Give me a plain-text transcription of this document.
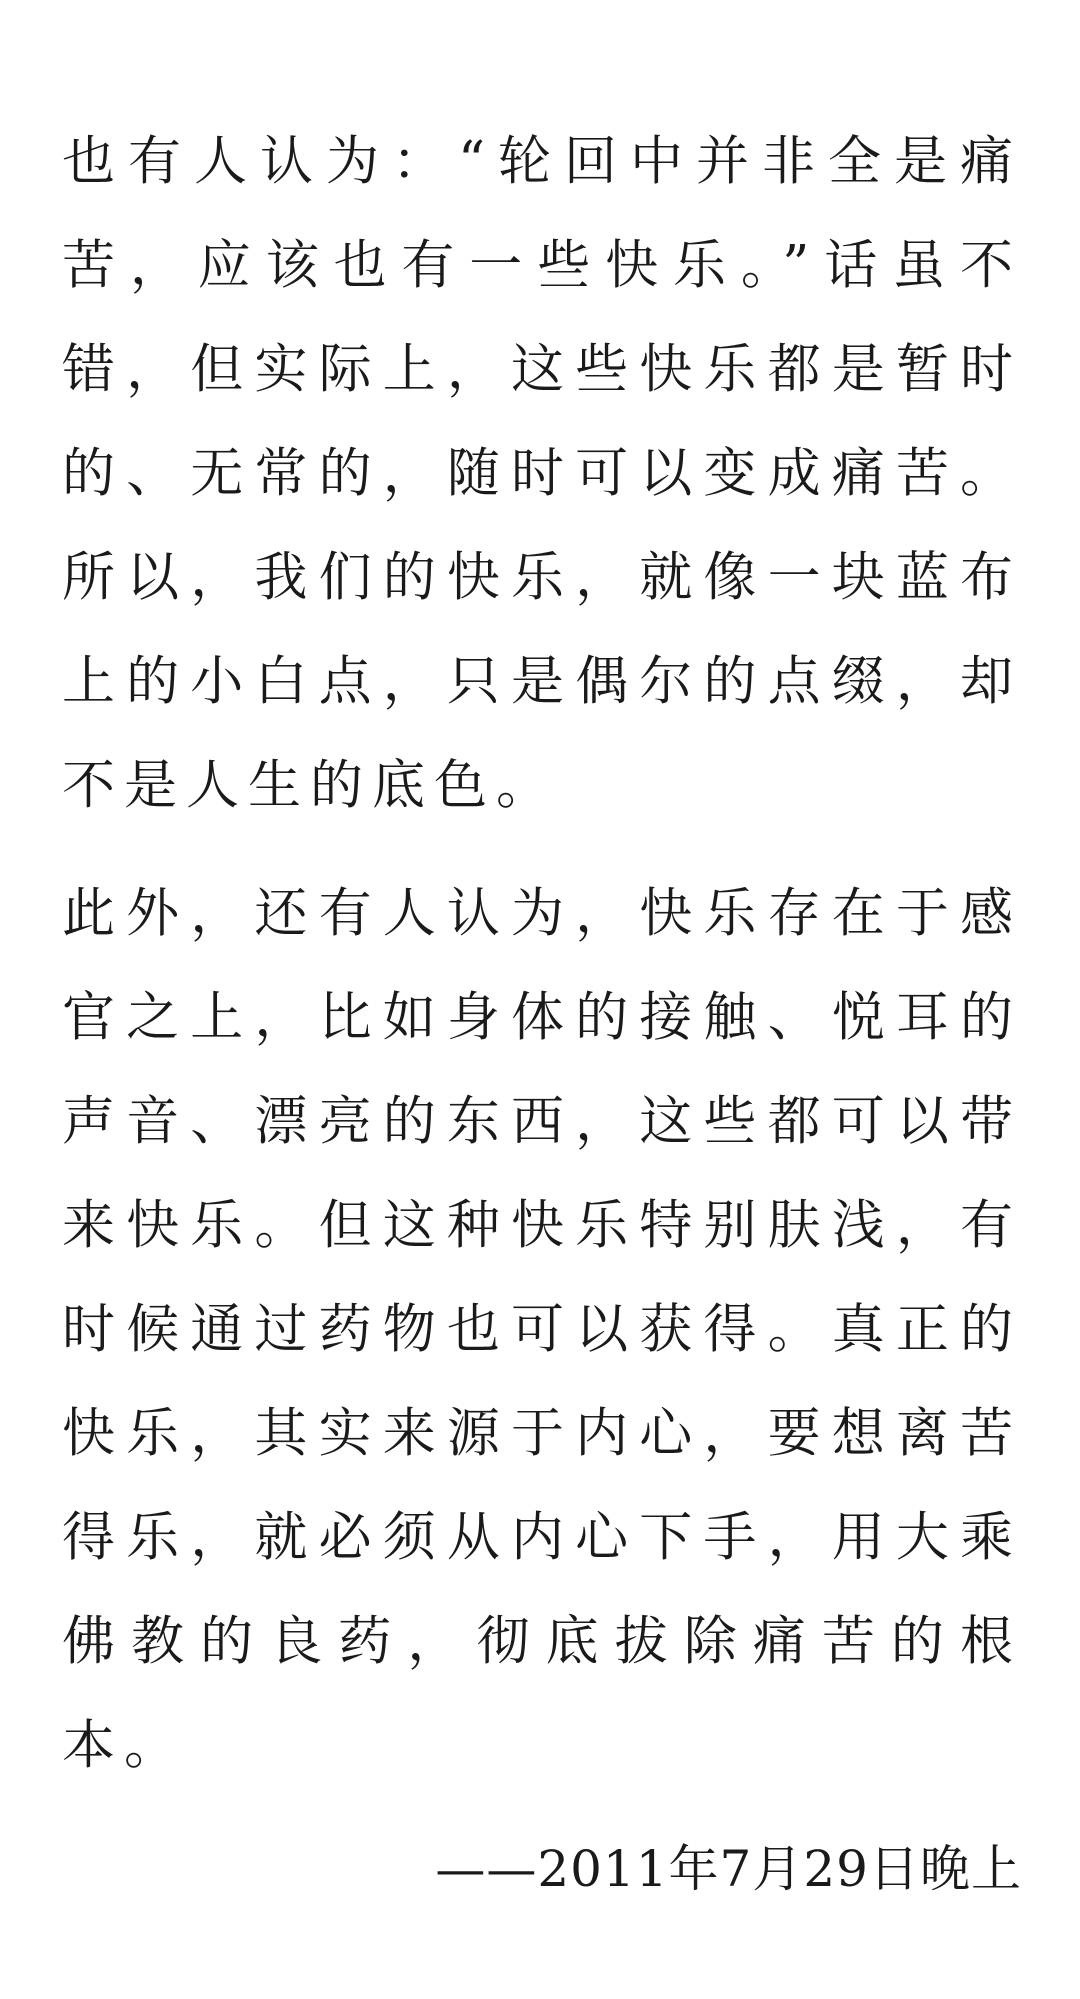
也有人认为：“轮回中并非全是痛
苦，应该也有一些快乐。”话虽不
错，但实际上，这些快乐都是暂时
的、无常的，随时可以变成痛苦。
所以，我们的快乐，就像一块蓝布
上的小白点，只是偶尔的点缀，却
不是人生的底色。
此外，还有人认为，快乐存在于感
官之上，比如身体的接触、悦耳的
声音、漂亮的东西，这些都可以带
来快乐。但这种快乐特别肤浅，有
时候通过药物也可以获得。真正的
快乐，其实来源于内心，要想离苦
得乐，就必须从内心下手，用大乘
佛教的良药，彻底拔除痛苦的根
本。
——2011年7月29日晚上
